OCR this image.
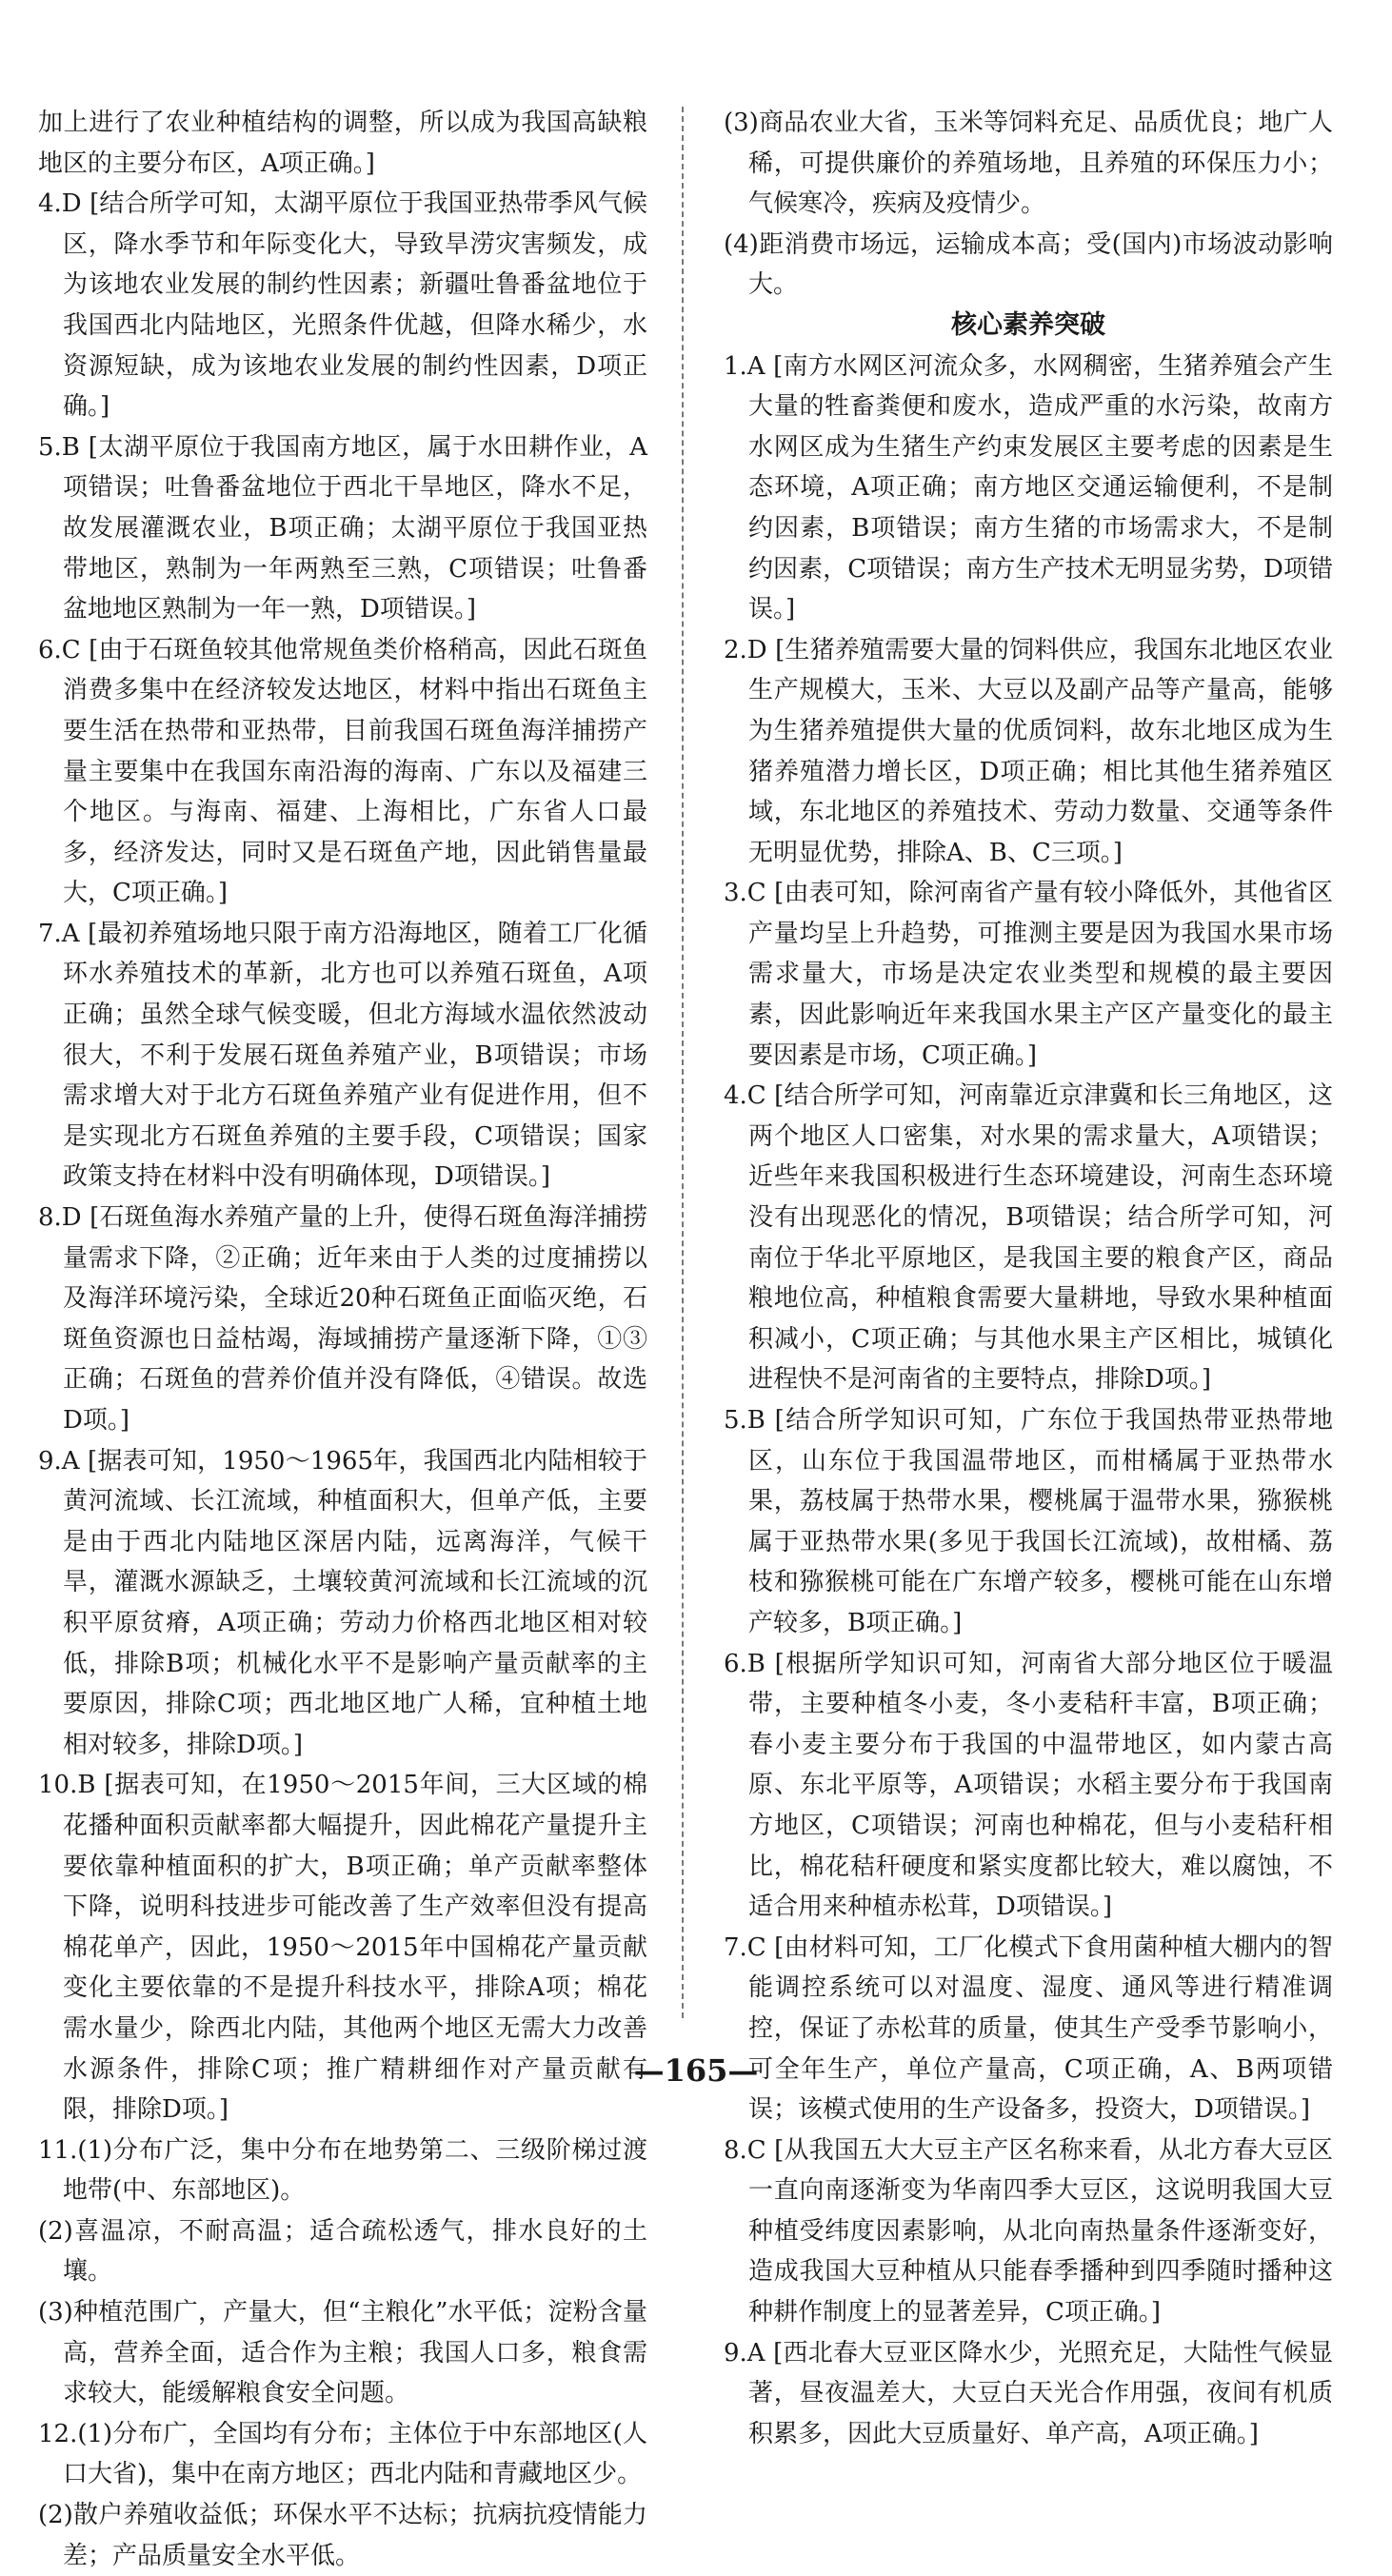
加上进行了农业种植结构的调整，所以成为我国高缺粮地区的主要分布区，A项正确。]

4.D [结合所学可知，太湖平原位于我国亚热带季风气候区，降水季节和年际变化大，导致旱涝灾害频发，成为该地农业发展的制约性因素；新疆吐鲁番盆地位于我国西北内陆地区，光照条件优越，但降水稀少，水资源短缺，成为该地农业发展的制约性因素，D项正确。]

5.B [太湖平原位于我国南方地区，属于水田耕作业，A项错误；吐鲁番盆地位于西北干旱地区，降水不足，故发展灌溉农业，B项正确；太湖平原位于我国亚热带地区，熟制为一年两熟至三熟，C项错误；吐鲁番盆地地区熟制为一年一熟，D项错误。]

6.C [由于石斑鱼较其他常规鱼类价格稍高，因此石斑鱼消费多集中在经济较发达地区，材料中指出石斑鱼主要生活在热带和亚热带，目前我国石斑鱼海洋捕捞产量主要集中在我国东南沿海的海南、广东以及福建三个地区。与海南、福建、上海相比，广东省人口最多，经济发达，同时又是石斑鱼产地，因此销售量最大，C项正确。]

7.A [最初养殖场地只限于南方沿海地区，随着工厂化循环水养殖技术的革新，北方也可以养殖石斑鱼，A项正确；虽然全球气候变暖，但北方海域水温依然波动很大，不利于发展石斑鱼养殖产业，B项错误；市场需求增大对于北方石斑鱼养殖产业有促进作用，但不是实现北方石斑鱼养殖的主要手段，C项错误；国家政策支持在材料中没有明确体现，D项错误。]

8.D [石斑鱼海水养殖产量的上升，使得石斑鱼海洋捕捞量需求下降，②正确；近年来由于人类的过度捕捞以及海洋环境污染，全球近20种石斑鱼正面临灭绝，石斑鱼资源也日益枯竭，海域捕捞产量逐渐下降，①③正确；石斑鱼的营养价值并没有降低，④错误。故选D项。]

9.A [据表可知，1950～1965年，我国西北内陆相较于黄河流域、长江流域，种植面积大，但单产低，主要是由于西北内陆地区深居内陆，远离海洋，气候干旱，灌溉水源缺乏，土壤较黄河流域和长江流域的沉积平原贫瘠，A项正确；劳动力价格西北地区相对较低，排除B项；机械化水平不是影响产量贡献率的主要原因，排除C项；西北地区地广人稀，宜种植土地相对较多，排除D项。]

10.B [据表可知，在1950～2015年间，三大区域的棉花播种面积贡献率都大幅提升，因此棉花产量提升主要依靠种植面积的扩大，B项正确；单产贡献率整体下降，说明科技进步可能改善了生产效率但没有提高棉花单产，因此，1950～2015年中国棉花产量贡献变化主要依靠的不是提升科技水平，排除A项；棉花需水量少，除西北内陆，其他两个地区无需大力改善水源条件，排除C项；推广精耕细作对产量贡献有限，排除D项。]

11.(1)分布广泛，集中分布在地势第二、三级阶梯过渡地带(中、东部地区)。

(2)喜温凉，不耐高温；适合疏松透气，排水良好的土壤。

(3)种植范围广，产量大，但“主粮化”水平低；淀粉含量高，营养全面，适合作为主粮；我国人口多，粮食需求较大，能缓解粮食安全问题。

12.(1)分布广，全国均有分布；主体位于中东部地区(人口大省)，集中在南方地区；西北内陆和青藏地区少。

(2)散户养殖收益低；环保水平不达标；抗病抗疫情能力差；产品质量安全水平低。

(3)商品农业大省，玉米等饲料充足、品质优良；地广人稀，可提供廉价的养殖场地，且养殖的环保压力小；气候寒冷，疾病及疫情少。

(4)距消费市场远，运输成本高；受(国内)市场波动影响大。

核心素养突破

1.A [南方水网区河流众多，水网稠密，生猪养殖会产生大量的牲畜粪便和废水，造成严重的水污染，故南方水网区成为生猪生产约束发展区主要考虑的因素是生态环境，A项正确；南方地区交通运输便利，不是制约因素，B项错误；南方生猪的市场需求大，不是制约因素，C项错误；南方生产技术无明显劣势，D项错误。]

2.D [生猪养殖需要大量的饲料供应，我国东北地区农业生产规模大，玉米、大豆以及副产品等产量高，能够为生猪养殖提供大量的优质饲料，故东北地区成为生猪养殖潜力增长区，D项正确；相比其他生猪养殖区域，东北地区的养殖技术、劳动力数量、交通等条件无明显优势，排除A、B、C三项。]

3.C [由表可知，除河南省产量有较小降低外，其他省区产量均呈上升趋势，可推测主要是因为我国水果市场需求量大，市场是决定农业类型和规模的最主要因素，因此影响近年来我国水果主产区产量变化的最主要因素是市场，C项正确。]

4.C [结合所学可知，河南靠近京津冀和长三角地区，这两个地区人口密集，对水果的需求量大，A项错误；近些年来我国积极进行生态环境建设，河南生态环境没有出现恶化的情况，B项错误；结合所学可知，河南位于华北平原地区，是我国主要的粮食产区，商品粮地位高，种植粮食需要大量耕地，导致水果种植面积减小，C项正确；与其他水果主产区相比，城镇化进程快不是河南省的主要特点，排除D项。]

5.B [结合所学知识可知，广东位于我国热带亚热带地区，山东位于我国温带地区，而柑橘属于亚热带水果，荔枝属于热带水果，樱桃属于温带水果，猕猴桃属于亚热带水果(多见于我国长江流域)，故柑橘、荔枝和猕猴桃可能在广东增产较多，樱桃可能在山东增产较多，B项正确。]

6.B [根据所学知识可知，河南省大部分地区位于暖温带，主要种植冬小麦，冬小麦秸秆丰富，B项正确；春小麦主要分布于我国的中温带地区，如内蒙古高原、东北平原等，A项错误；水稻主要分布于我国南方地区，C项错误；河南也种棉花，但与小麦秸秆相比，棉花秸秆硬度和紧实度都比较大，难以腐蚀，不适合用来种植赤松茸，D项错误。]

7.C [由材料可知，工厂化模式下食用菌种植大棚内的智能调控系统可以对温度、湿度、通风等进行精准调控，保证了赤松茸的质量，使其生产受季节影响小，可全年生产，单位产量高，C项正确，A、B两项错误；该模式使用的生产设备多，投资大，D项错误。]

8.C [从我国五大大豆主产区名称来看，从北方春大豆区一直向南逐渐变为华南四季大豆区，这说明我国大豆种植受纬度因素影响，从北向南热量条件逐渐变好，造成我国大豆种植从只能春季播种到四季随时播种这种耕作制度上的显著差异，C项正确。]

9.A [西北春大豆亚区降水少，光照充足，大陆性气候显著，昼夜温差大，大豆白天光合作用强，夜间有机质积累多，因此大豆质量好、单产高，A项正确。]

—165—
